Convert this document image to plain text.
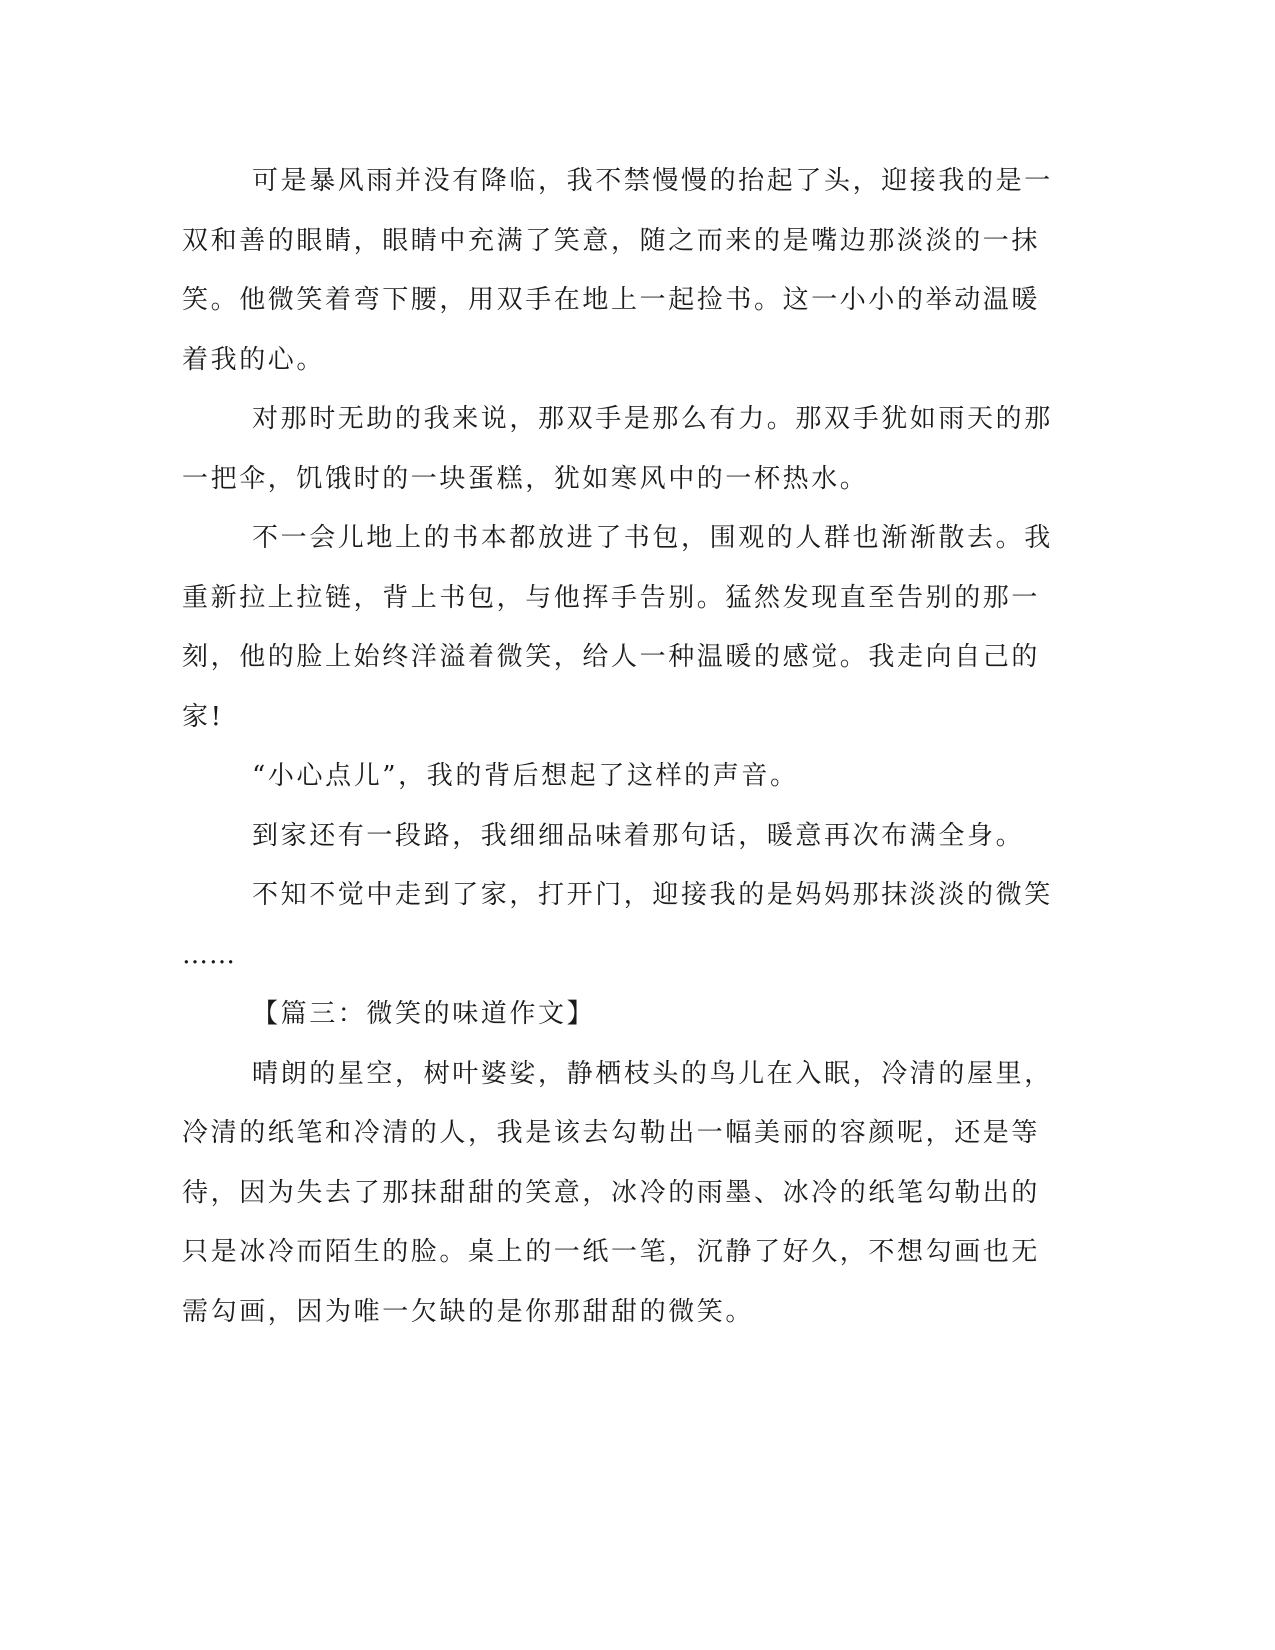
可是暴风雨并没有降临，我不禁慢慢的抬起了头，迎接我的是一
双和善的眼睛，眼睛中充满了笑意，随之而来的是嘴边那淡淡的一抹
笑。他微笑着弯下腰，用双手在地上一起捡书。这一小小的举动温暖
着我的心。
对那时无助的我来说，那双手是那么有力。那双手犹如雨天的那
一把伞，饥饿时的一块蛋糕，犹如寒风中的一杯热水。
不一会儿地上的书本都放进了书包，围观的人群也渐渐散去。我
重新拉上拉链，背上书包，与他挥手告别。猛然发现直至告别的那一
刻，他的脸上始终洋溢着微笑，给人一种温暖的感觉。我走向自己的
家!
“小心点儿”，我的背后想起了这样的声音。
到家还有一段路，我细细品味着那句话，暖意再次布满全身。
不知不觉中走到了家，打开门，迎接我的是妈妈那抹淡淡的微笑
……
【篇三：微笑的味道作文】
晴朗的星空，树叶婆娑，静栖枝头的鸟儿在入眠，冷清的屋里，
冷清的纸笔和冷清的人，我是该去勾勒出一幅美丽的容颜呢，还是等
待，因为失去了那抹甜甜的笑意，冰冷的雨墨、冰冷的纸笔勾勒出的
只是冰冷而陌生的脸。桌上的一纸一笔，沉静了好久，不想勾画也无
需勾画，因为唯一欠缺的是你那甜甜的微笑。
